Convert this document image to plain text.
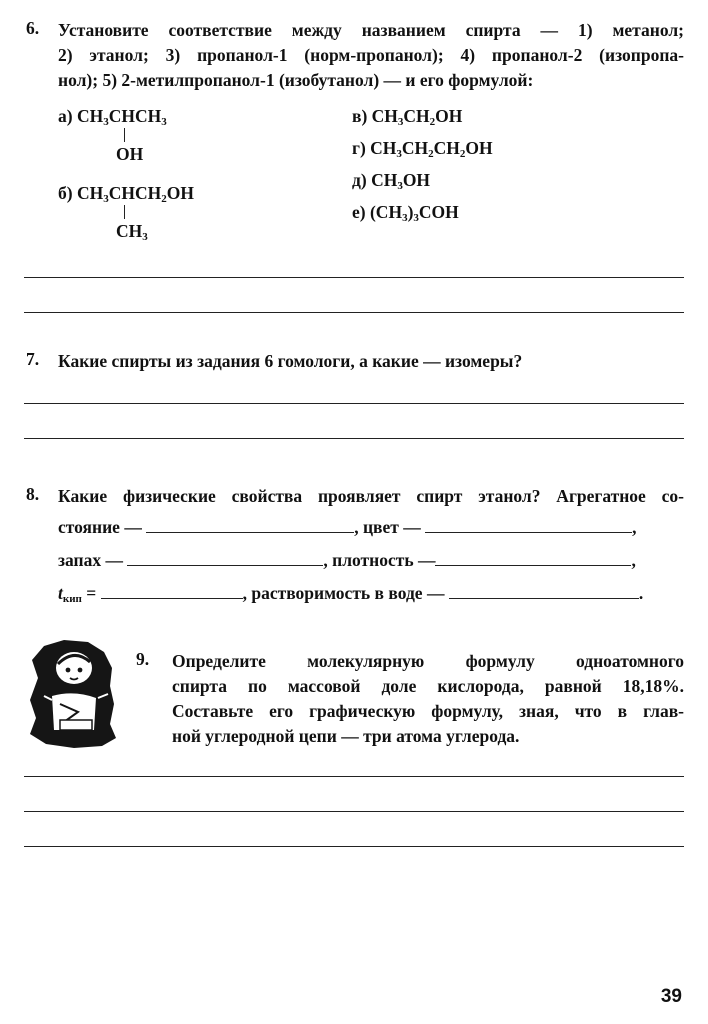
6. Установите соответствие между названием спирта — 1) метанол;
2) этанол; 3) пропанол-1 (норм-пропанол); 4) пропанол-2 (изопропа-
нол); 5) 2-метилпропанол-1 (изобутанол) — и его формулой:
а) $CH_3CHCH_3$
OH
б) $CH_3CHCH_2OH$
$CH_3$
в) $CH_3CH_2OH$
г) $CH_3CH_2CH_2OH$
д) $CH_3OH$
е) $(CH_3)_3COH$
7. Какие спирты из задания 6 гомологи, а какие — изомеры?
8. Какие физические свойства проявляет спирт этанол? Агрегатное со-
стояние —	, цвет —	,
запах —	, плотность —	,
$t_{кип}$ =	, растворимость в воде —	.
9. Определите молекулярную формулу одноатомного
спирта по массовой доле кислорода, равной 18,18%.
Составьте его графическую формулу, зная, что в глав-
ной углеродной цепи — три атома углерода.
39
